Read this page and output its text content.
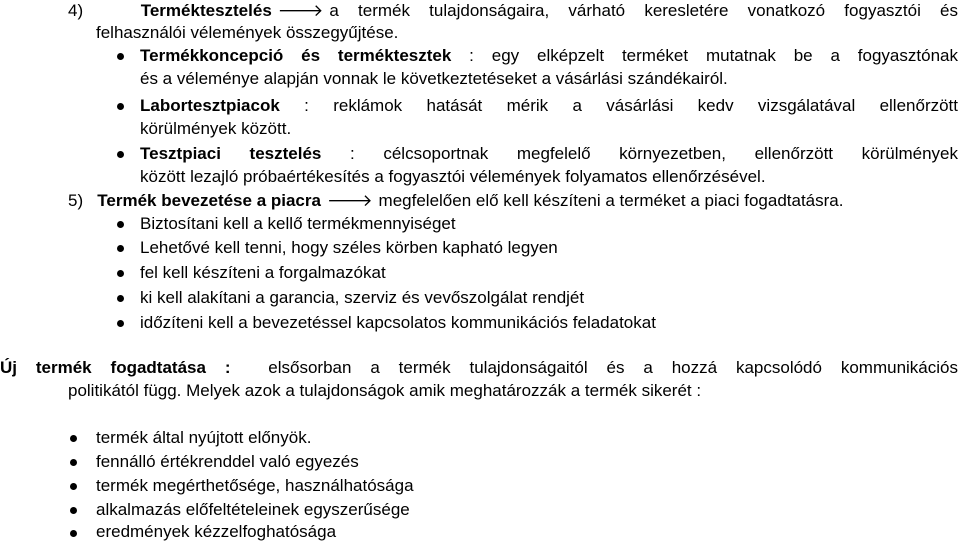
4)	Terméktesztelés 🡒 a termék tulajdonságaira, várható keresletére vonatkozó fogyasztói és
felhasználói vélemények összegyűjtése.
Termékkoncepció és terméktesztek : egy elképzelt terméket mutatnak be a fogyasztónak
és a véleménye alapján vonnak le következtetéseket a vásárlási szándékairól.
Labortesztpiacok : reklámok hatását mérik a vásárlási kedv vizsgálatával ellenőrzött
körülmények között.
Tesztpiaci tesztelés : célcsoportnak megfelelő környezetben, ellenőrzött körülmények
között lezajló próbaértékesítés a fogyasztói vélemények folyamatos ellenőrzésével.
5) Termék bevezetése a piacra 🡒 megfelelően elő kell készíteni a terméket a piaci fogadtatásra.
Biztosítani kell a kellő termékmennyiséget
Lehetővé kell tenni, hogy széles körben kapható legyen
fel kell készíteni a forgalmazókat
ki kell alakítani a garancia, szerviz és vevőszolgálat rendjét
időzíteni kell a bevezetéssel kapcsolatos kommunikációs feladatokat
Új termék fogadtatása : elsősorban a termék tulajdonságaitól és a hozzá kapcsolódó kommunikációs
politikától függ. Melyek azok a tulajdonságok amik meghatározzák a termék sikerét :
termék által nyújtott előnyök.
fennálló értékrenddel való egyezés
termék megérthetősége, használhatósága
alkalmazás előfeltételeinek egyszerűsége
eredmények kézzelfoghatósága
